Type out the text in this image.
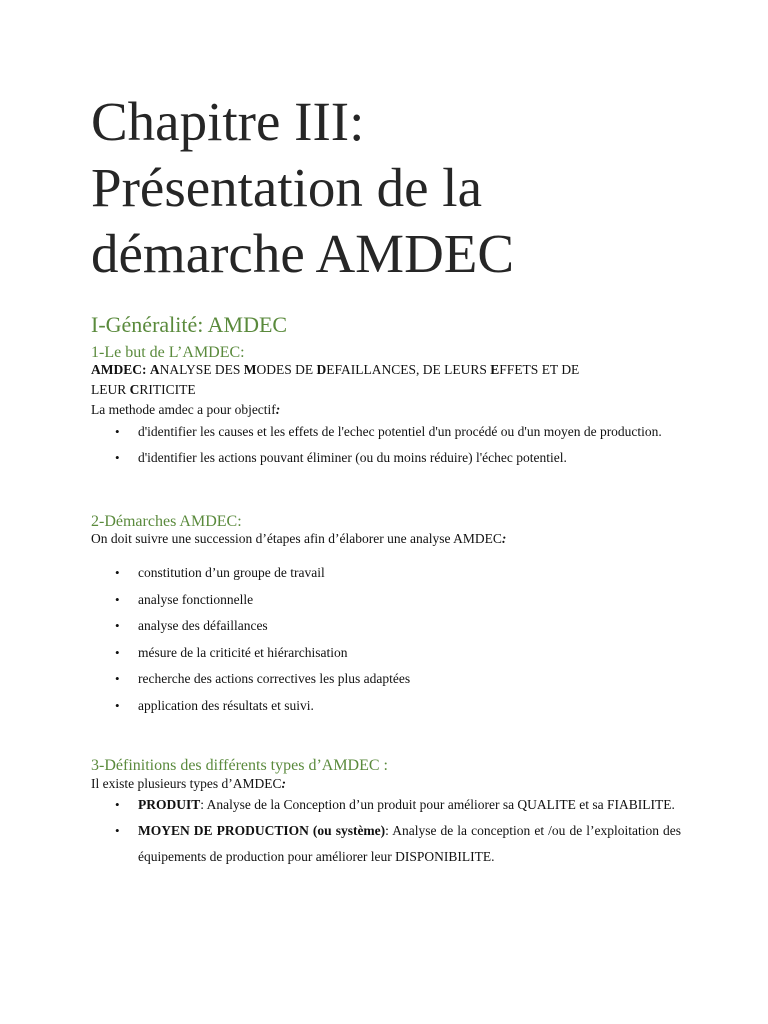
Chapitre III:
Présentation de la
démarche AMDEC
I-Généralité: AMDEC
1-Le but de L’AMDEC:

AMDEC: ANALYSE DES MODES DE DEFAILLANCES, DE LEURS EFFETS ET DE

LEUR CRITICITE

La methode amdec a pour objectif:

• d'identifier les causes et les effets de l'echec potentiel d'un procédé ou d'un moyen de production.
• d'identifier les actions pouvant éliminer (ou du moins réduire) l'échec potentiel.
2-Démarches AMDEC:

On doit suivre une succession d’étapes afin d’élaborer une analyse AMDEC:

• constitution d’un groupe de travail
• analyse fonctionnelle
• analyse des défaillances
• mésure de la criticité et hiérarchisation
• recherche des actions correctives les plus adaptées
• application des résultats et suivi.
3-Définitions des différents types d’AMDEC :

Il existe plusieurs types d’AMDEC:

• PRODUIT: Analyse de la Conception d’un produit pour améliorer sa QUALITE et sa FIABILITE.
• MOYEN DE PRODUCTION (ou système): Analyse de la conception et /ou de l’exploitation des équipements de production pour améliorer leur DISPONIBILITE.
